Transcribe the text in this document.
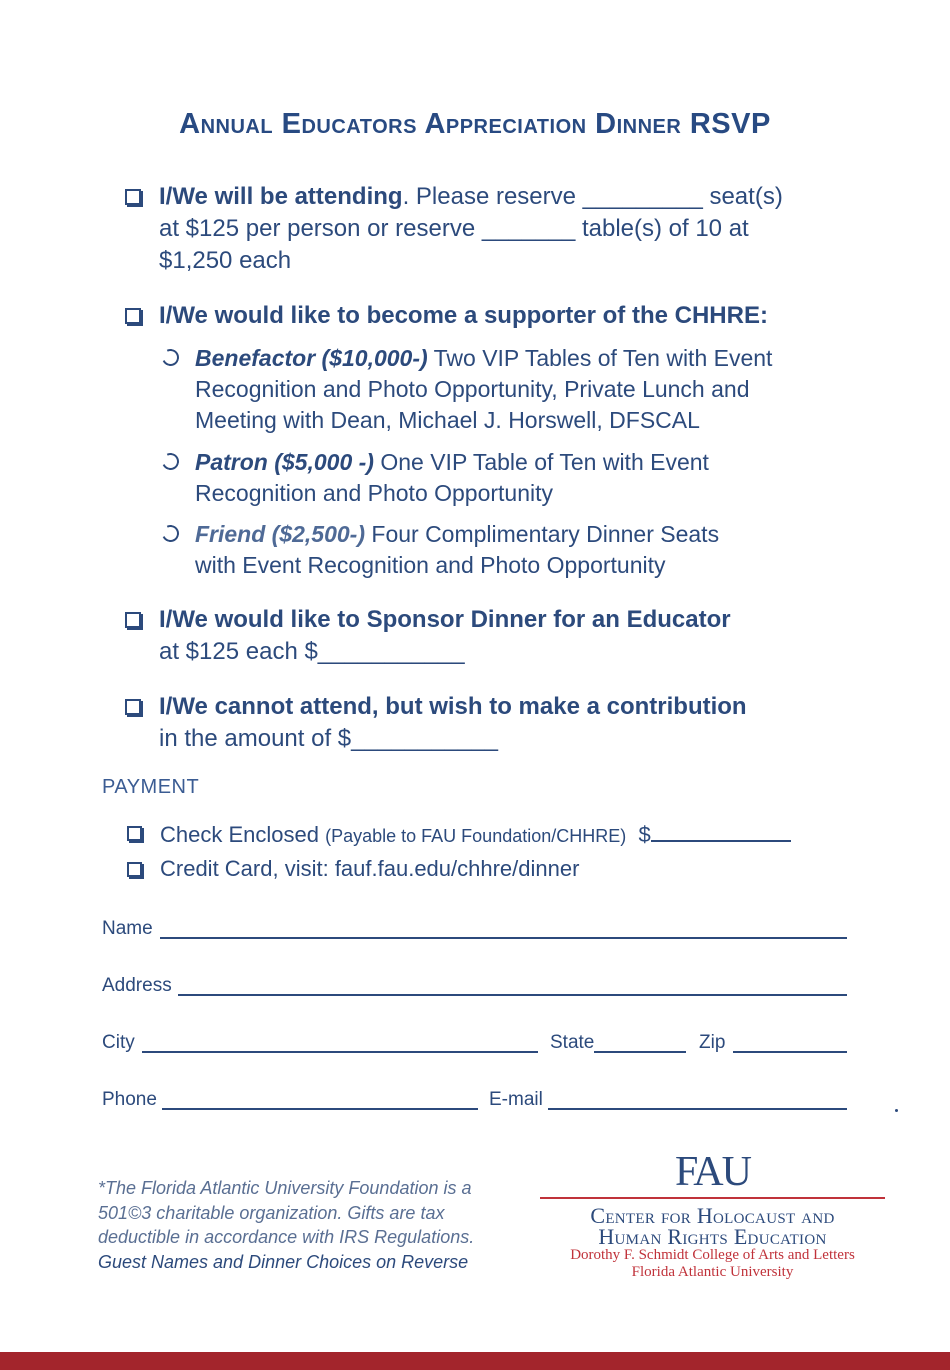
Annual Educators Appreciation Dinner RSVP
I/We will be attending. Please reserve _________ seat(s)
at $125 per person or reserve _______ table(s) of 10 at
$1,250 each
I/We would like to become a supporter of the CHHRE:
Benefactor ($10,000-) Two VIP Tables of Ten with Event
Recognition and Photo Opportunity, Private Lunch and
Meeting with Dean, Michael J. Horswell, DFSCAL
Patron ($5,000 -) One VIP Table of Ten with Event
Recognition and Photo Opportunity
Friend ($2,500-) Four Complimentary Dinner Seats
with Event Recognition and Photo Opportunity
I/We would like to Sponsor Dinner for an Educator
at $125 each $___________
I/We cannot attend, but wish to make a contribution
in the amount of $___________
PAYMENT
Check Enclosed (Payable to FAU Foundation/CHHRE) $
Credit Card, visit: fauf.fau.edu/chhre/dinner
Name
Address
City	State	Zip
Phone	E-mail
*The Florida Atlantic University Foundation is a 501©3 charitable organization. Gifts are tax deductible in accordance with IRS Regulations.
Guest Names and Dinner Choices on Reverse
FAU
Center for Holocaust and
Human Rights Education
Dorothy F. Schmidt College of Arts and Letters
Florida Atlantic University
